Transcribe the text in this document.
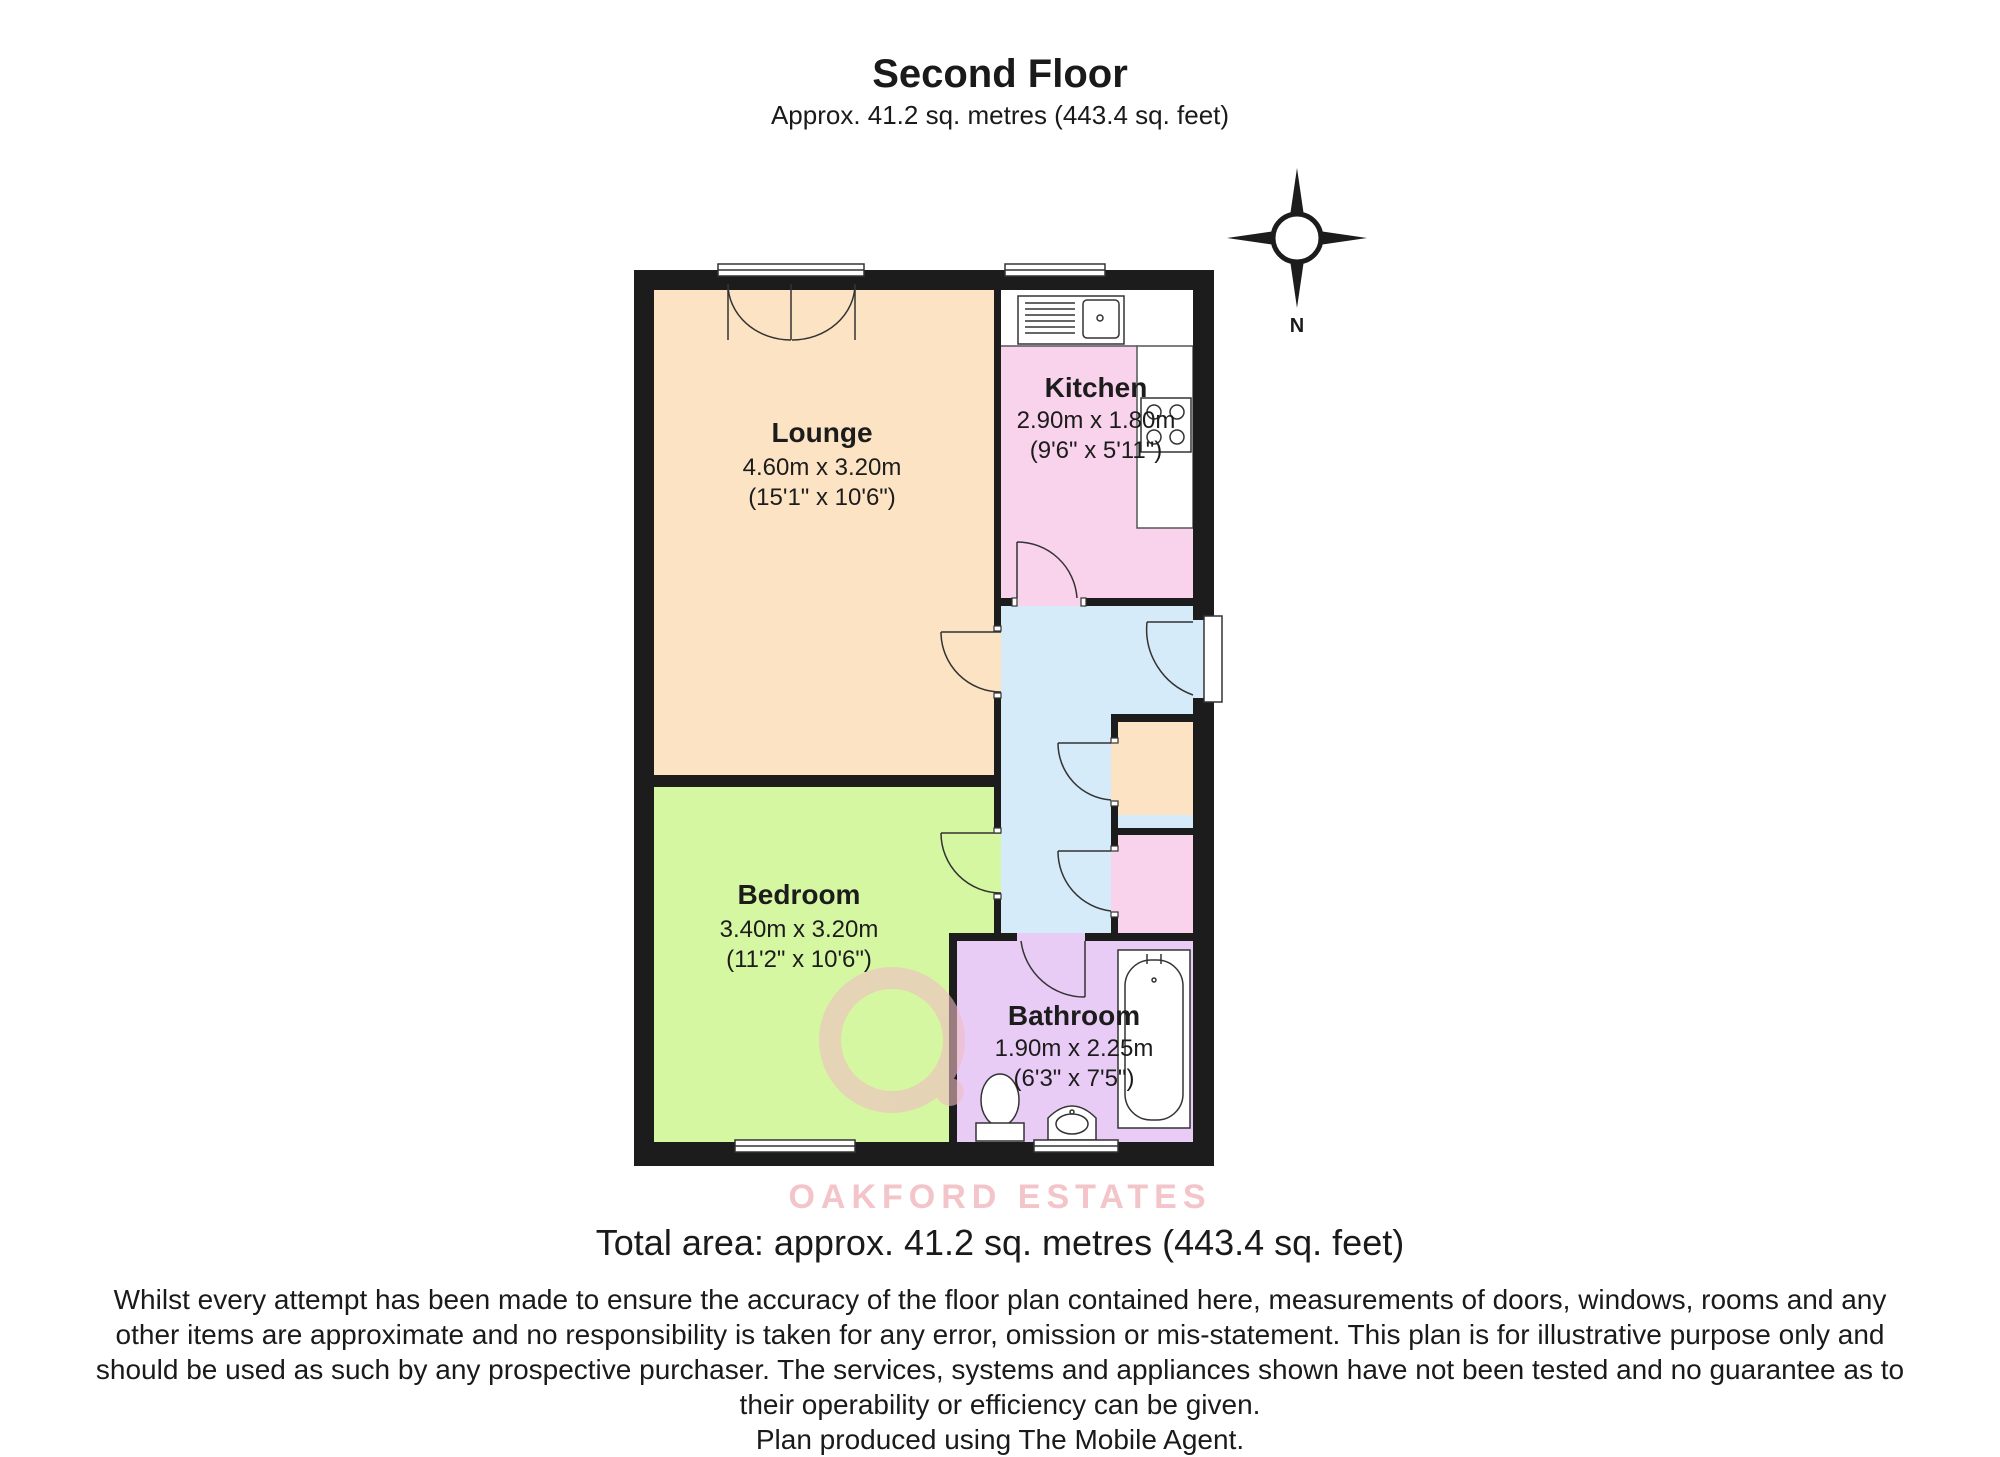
Second Floor
Approx. 41.2 sq. metres (443.4 sq. feet)
N
Lounge
4.60m x 3.20m
(15'1" x 10'6")
Kitchen
2.90m x 1.80m
(9'6" x 5'11")
Bedroom
3.40m x 3.20m
(11'2" x 10'6")
Bathroom
1.90m x 2.25m
(6'3" x 7'5")
OAKFORD ESTATES
Total area: approx. 41.2 sq. metres (443.4 sq. feet)
Whilst every attempt has been made to ensure the accuracy of the floor plan contained here, measurements of doors, windows, rooms and any
other items are approximate and no responsibility is taken for any error, omission or mis-statement. This plan is for illustrative purpose only and
should be used as such by any prospective purchaser. The services, systems and appliances shown have not been tested and no guarantee as to
their operability or efficiency can be given.
Plan produced using The Mobile Agent.
